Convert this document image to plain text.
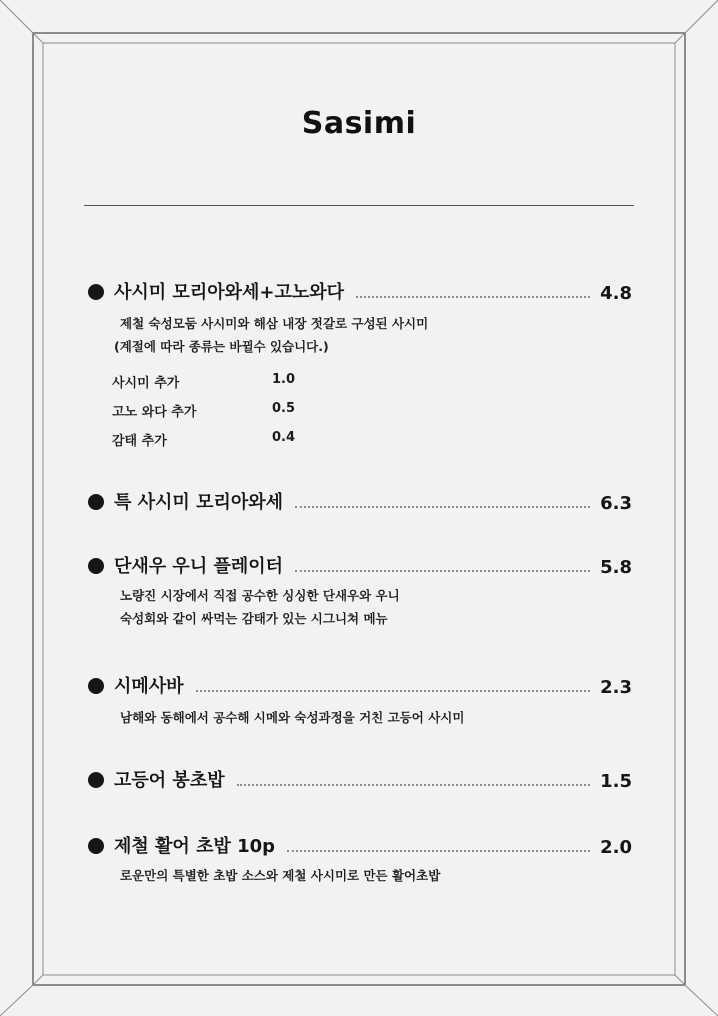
Sasimi
사시미 모리아와세+고노와다	4.8
제철 숙성모둠 사시미와 해삼 내장 젓갈로 구성된 사시미
(계절에 따라 종류는 바뀔수 있습니다.)
사시미 추가	1.0
고노 와다 추가	0.5
감태 추가	0.4
특 사시미 모리아와세	6.3
단새우 우니 플레이터	5.8
노량진 시장에서 직접 공수한 싱싱한 단새우와 우니
숙성회와 같이 싸먹는 감태가 있는 시그니쳐 메뉴
시메사바	2.3
남해와 동해에서 공수해 시메와 숙성과정을 거친 고등어 사시미
고등어 봉초밥	1.5
제철 활어 초밥 10p	2.0
로운만의 특별한 초밥 소스와 제철 사시미로 만든 활어초밥
